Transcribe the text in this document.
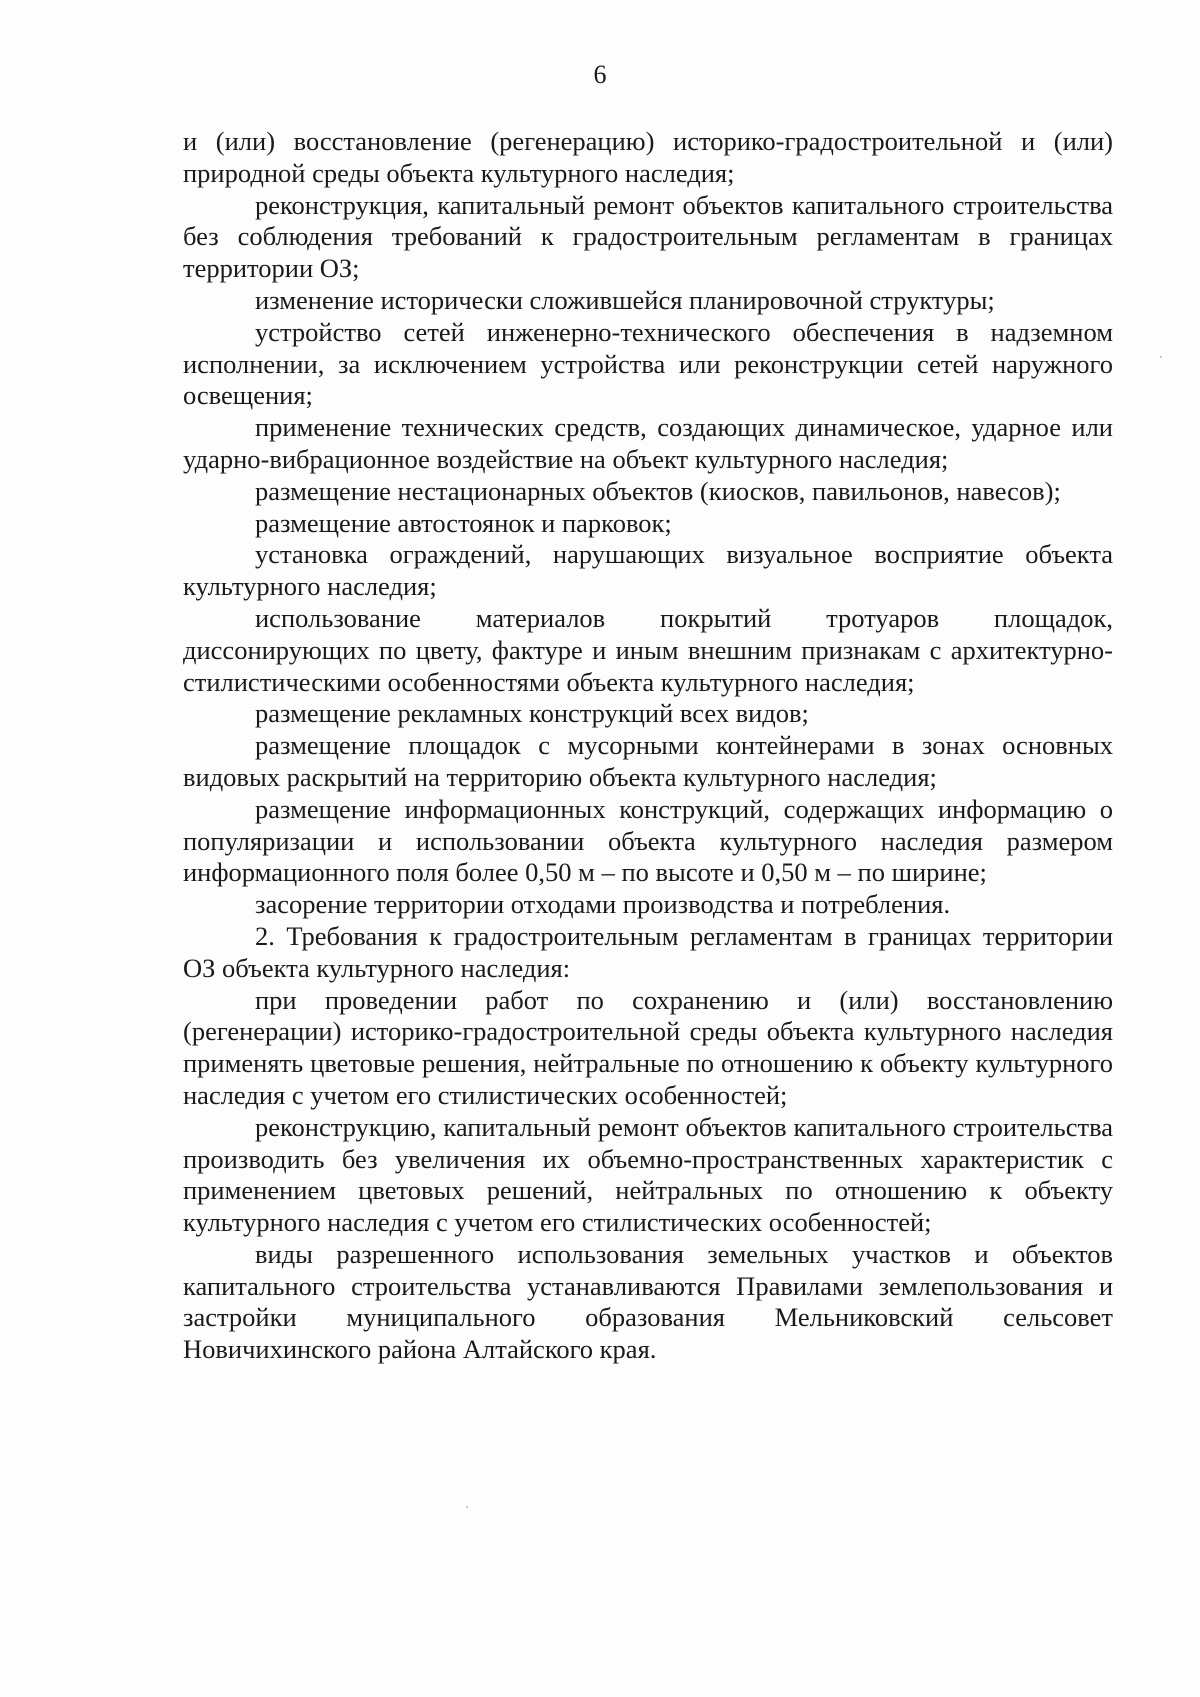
6

и (или) восстановление (регенерацию) историко-градостроительной и (или) природной среды объекта культурного наследия;

реконструкция, капитальный ремонт объектов капитального строительства без соблюдения требований к градостроительным регламентам в границах территории ОЗ;

изменение исторически сложившейся планировочной структуры;

устройство сетей инженерно-технического обеспечения в надземном исполнении, за исключением устройства или реконструкции сетей наружного освещения;

применение технических средств, создающих динамическое, ударное или ударно-вибрационное воздействие на объект культурного наследия;

размещение нестационарных объектов (киосков, павильонов, навесов);

размещение автостоянок и парковок;

установка ограждений, нарушающих визуальное восприятие объекта культурного наследия;

использование материалов покрытий тротуаров площадок, диссонирующих по цвету, фактуре и иным внешним признакам с архитектурно-стилистическими особенностями объекта культурного наследия;

размещение рекламных конструкций всех видов;

размещение площадок с мусорными контейнерами в зонах основных видовых раскрытий на территорию объекта культурного наследия;

размещение информационных конструкций, содержащих информацию о популяризации и использовании объекта культурного наследия размером информационного поля более 0,50 м – по высоте и 0,50 м – по ширине;

засорение территории отходами производства и потребления.

2. Требования к градостроительным регламентам в границах территории ОЗ объекта культурного наследия:

при проведении работ по сохранению и (или) восстановлению (регенерации) историко-градостроительной среды объекта культурного наследия применять цветовые решения, нейтральные по отношению к объекту культурного наследия с учетом его стилистических особенностей;

реконструкцию, капитальный ремонт объектов капитального строительства производить без увеличения их объемно-пространственных характеристик с применением цветовых решений, нейтральных по отношению к объекту культурного наследия с учетом его стилистических особенностей;

виды разрешенного использования земельных участков и объектов капитального строительства устанавливаются Правилами землепользования и застройки муниципального образования Мельниковский сельсовет Новичихинского района Алтайского края.
